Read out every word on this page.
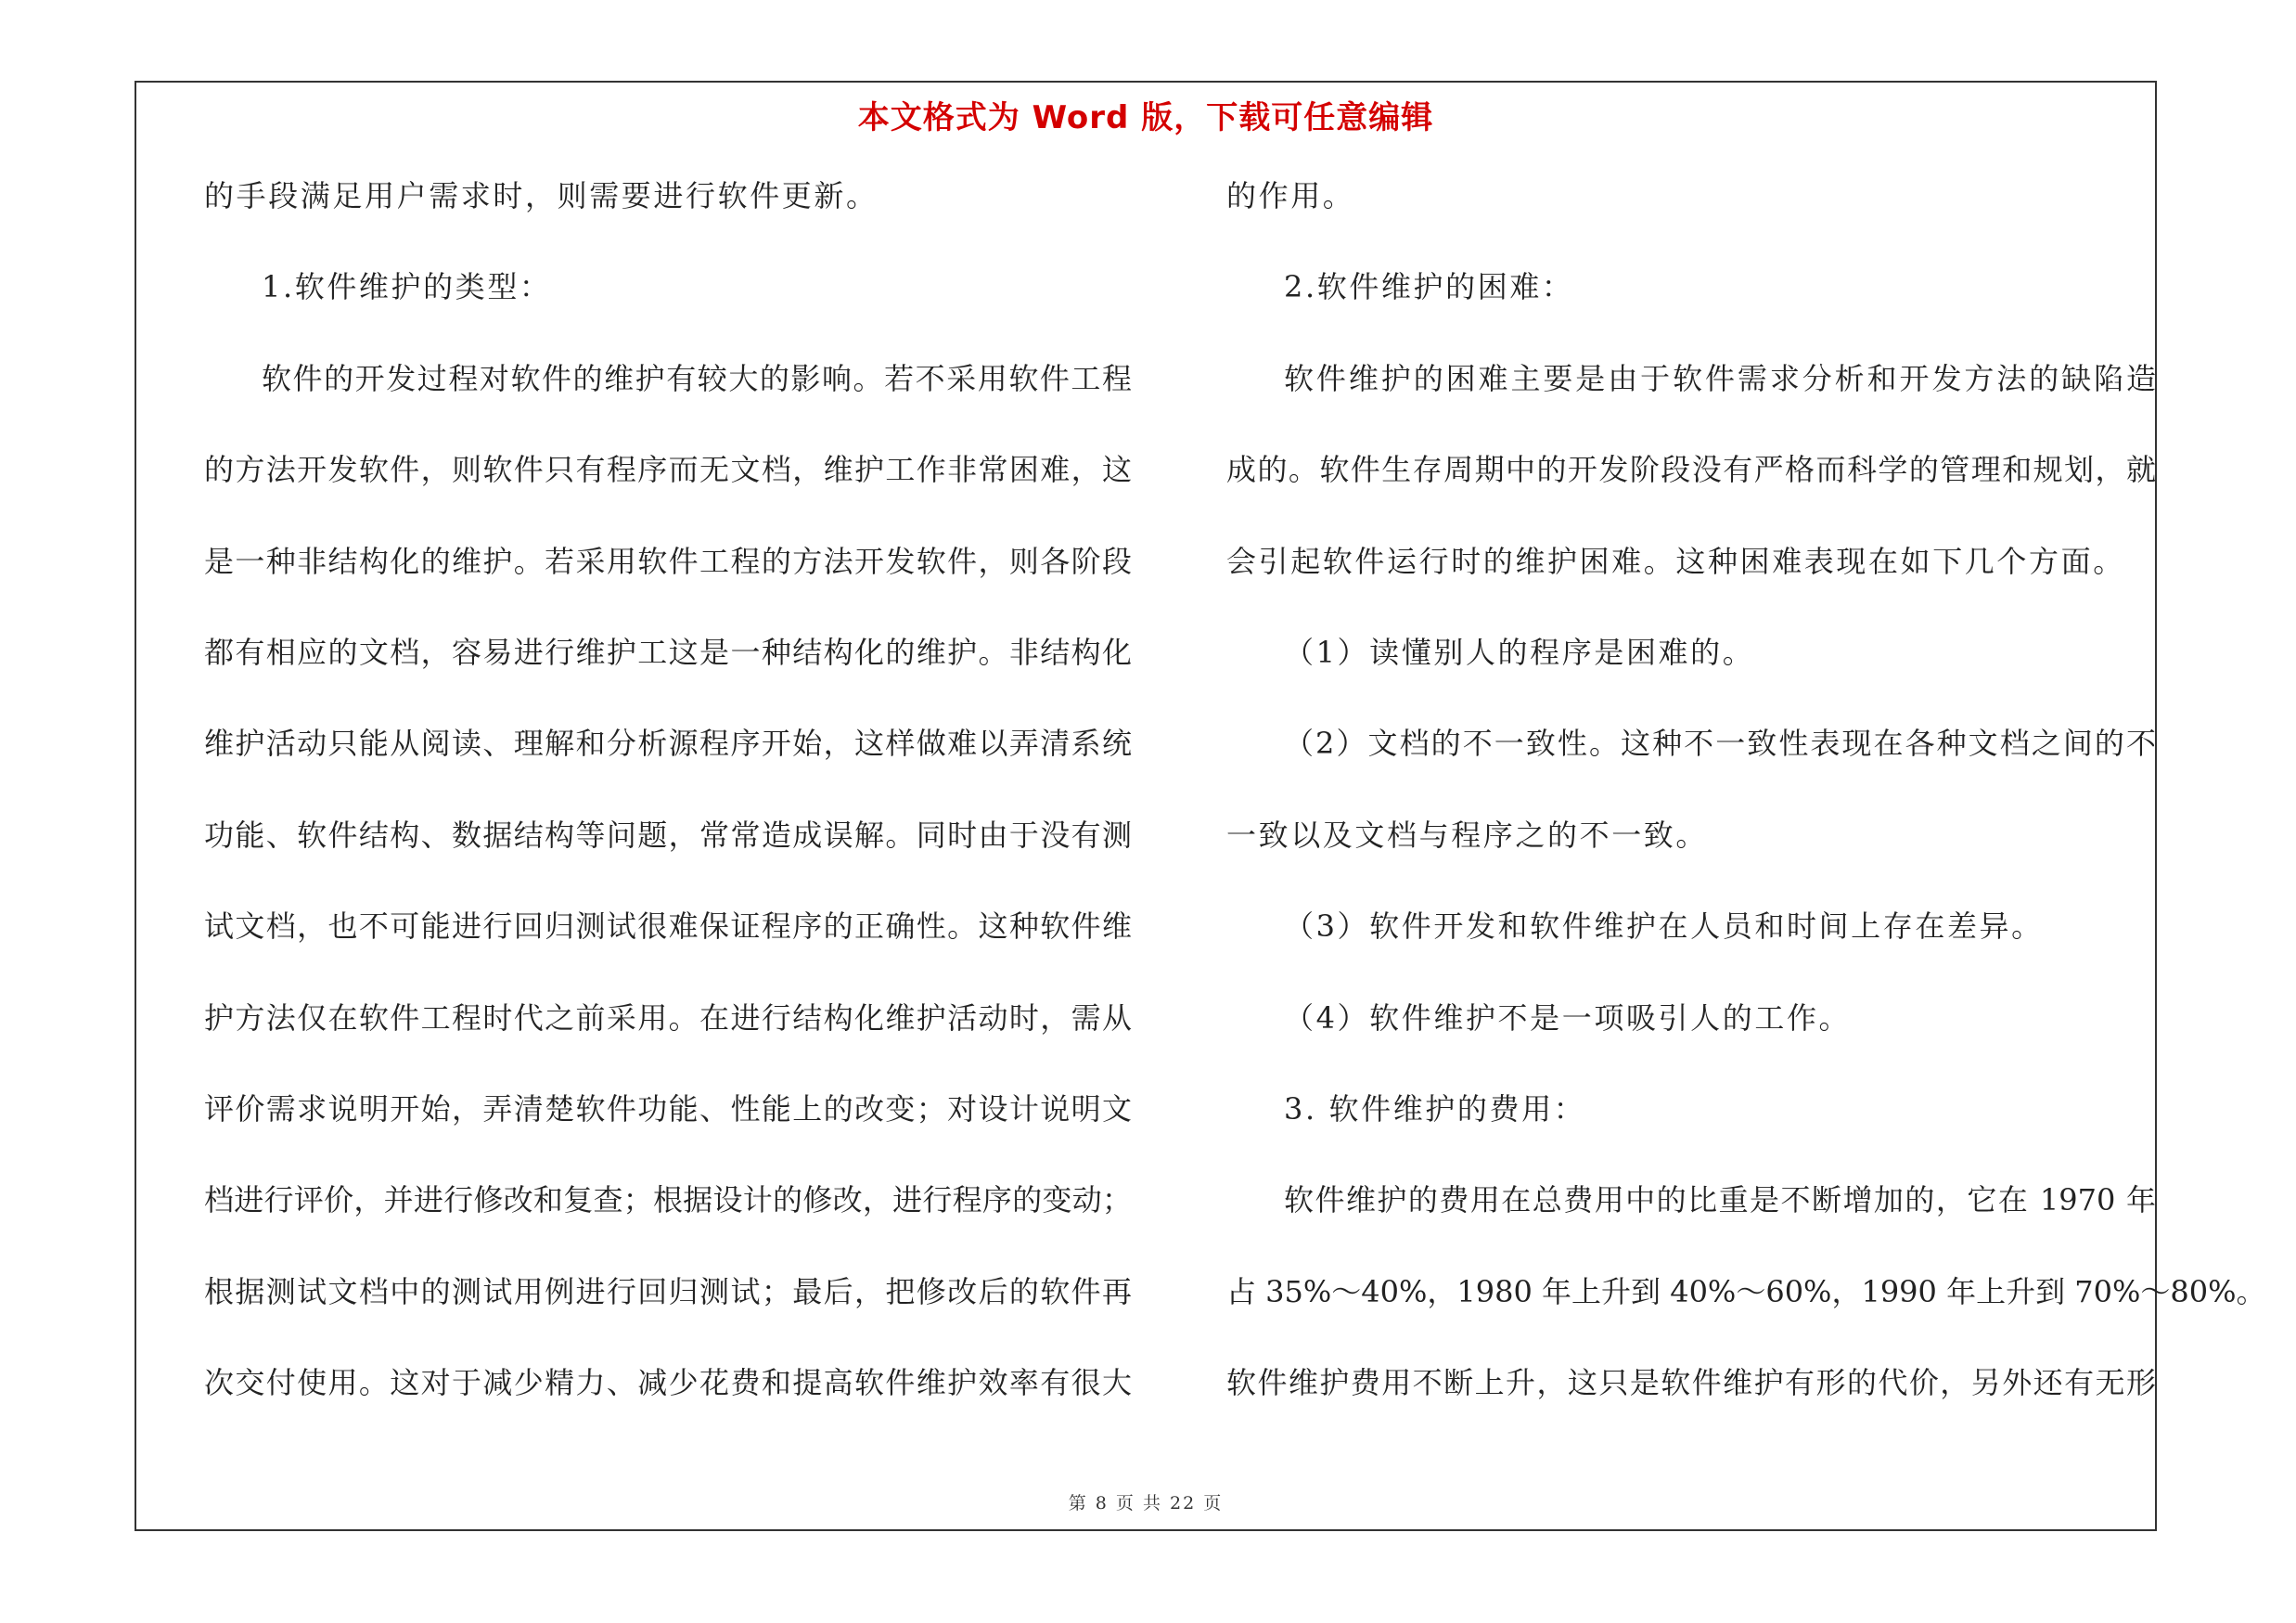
本文格式为 Word 版，下载可任意编辑
第 8 页 共 22 页
的手段满足用户需求时，则需要进行软件更新。
1.软件维护的类型：
软件的开发过程对软件的维护有较大的影响。若不采用软件工程
的方法开发软件，则软件只有程序而无文档，维护工作非常困难，这
是一种非结构化的维护。若采用软件工程的方法开发软件，则各阶段
都有相应的文档，容易进行维护工这是一种结构化的维护。非结构化
维护活动只能从阅读、理解和分析源程序开始，这样做难以弄清系统
功能、软件结构、数据结构等问题，常常造成误解。同时由于没有测
试文档，也不可能进行回归测试很难保证程序的正确性。这种软件维
护方法仅在软件工程时代之前采用。在进行结构化维护活动时，需从
评价需求说明开始，弄清楚软件功能、性能上的改变；对设计说明文
档进行评价，并进行修改和复查；根据设计的修改，进行程序的变动；
根据测试文档中的测试用例进行回归测试；最后，把修改后的软件再
次交付使用。这对于减少精力、减少花费和提高软件维护效率有很大
的作用。
2.软件维护的困难：
软件维护的困难主要是由于软件需求分析和开发方法的缺陷造
成的。软件生存周期中的开发阶段没有严格而科学的管理和规划，就
会引起软件运行时的维护困难。这种困难表现在如下几个方面。
（1）读懂别人的程序是困难的。
（2）文档的不一致性。这种不一致性表现在各种文档之间的不
一致以及文档与程序之的不一致。
（3）软件开发和软件维护在人员和时间上存在差异。
（4）软件维护不是一项吸引人的工作。
3. 软件维护的费用：
软件维护的费用在总费用中的比重是不断增加的，它在 1970 年
占 35%～40%，1980 年上升到 40%～60%，1990 年上升到 70%～80%。
软件维护费用不断上升，这只是软件维护有形的代价，另外还有无形
